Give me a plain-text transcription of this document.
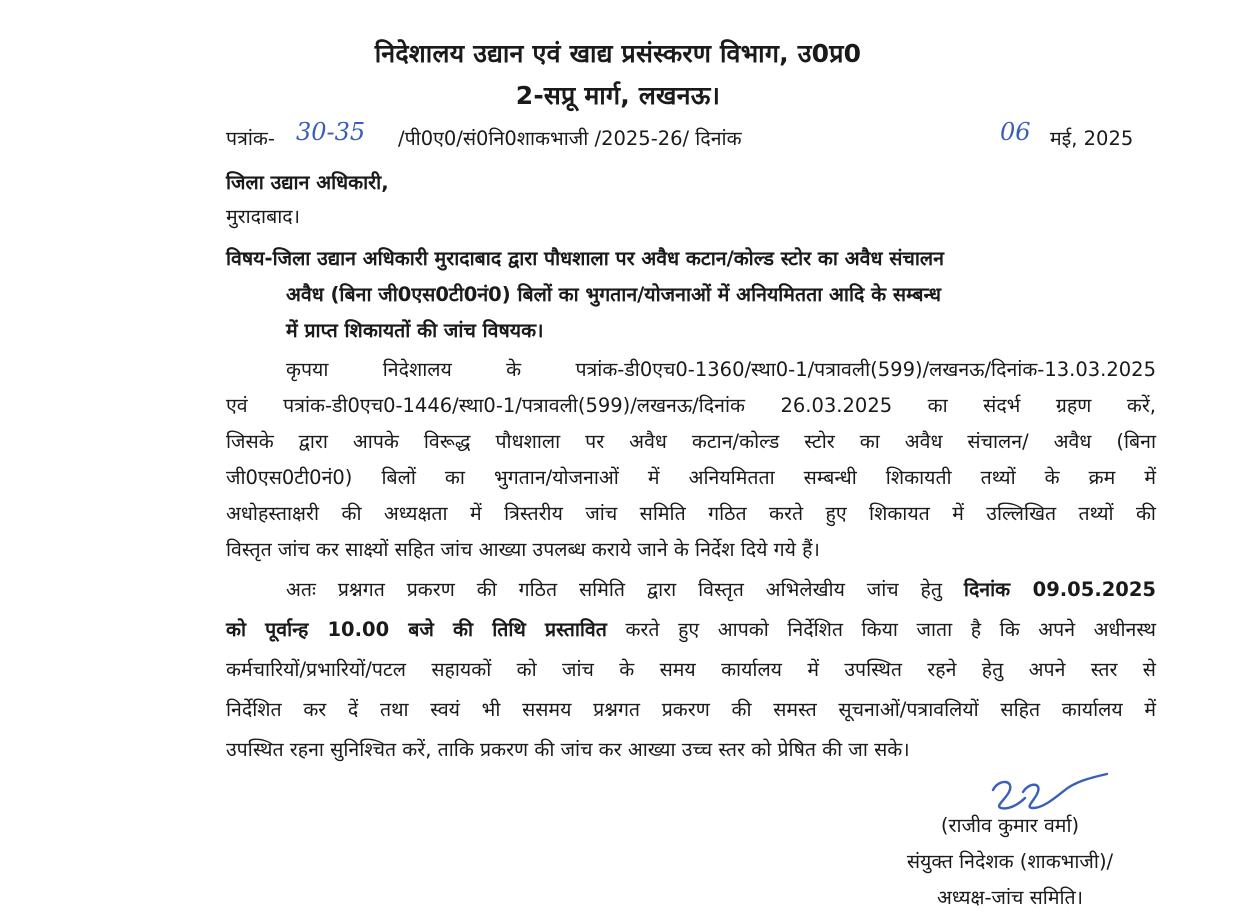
निदेशालय उद्यान एवं खाद्य प्रसंस्करण विभाग, उ0प्र0
2-सप्रू मार्ग, लखनऊ।
पत्रांक- 30-35 /पी0ए0/सं0नि0शाकभाजी /2025-26/ दिनांक	06 मई, 2025
जिला उद्यान अधिकारी,
मुरादाबाद।
विषय-जिला उद्यान अधिकारी मुरादाबाद द्वारा पौधशाला पर अवैध कटान/कोल्ड स्टोर का अवैध संचालन
अवैध (बिना जी0एस0टी0नं0) बिलों का भुगतान/योजनाओं में अनियमितता आदि के सम्बन्ध
में प्राप्त शिकायतों की जांच विषयक।
कृपया निदेशालय के पत्रांक-डी0एच0-1360/स्था0-1/पत्रावली(599)/लखनऊ/दिनांक-13.03.2025
एवं पत्रांक-डी0एच0-1446/स्था0-1/पत्रावली(599)/लखनऊ/दिनांक 26.03.2025 का संदर्भ ग्रहण करें,
जिसके द्वारा आपके विरूद्ध पौधशाला पर अवैध कटान/कोल्ड स्टोर का अवैध संचालन/ अवैध (बिना
जी0एस0टी0नं0) बिलों का भुगतान/योजनाओं में अनियमितता सम्बन्धी शिकायती तथ्यों के क्रम में
अधोहस्ताक्षरी की अध्यक्षता में त्रिस्तरीय जांच समिति गठित करते हुए शिकायत में उल्लिखित तथ्यों की
विस्तृत जांच कर साक्ष्यों सहित जांच आख्या उपलब्ध कराये जाने के निर्देश दिये गये हैं।
अतः प्रश्नगत प्रकरण की गठित समिति द्वारा विस्तृत अभिलेखीय जांच हेतु दिनांक 09.05.2025
को पूर्वान्ह 10.00 बजे की तिथि प्रस्तावित करते हुए आपको निर्देशित किया जाता है कि अपने अधीनस्थ
कर्मचारियों/प्रभारियों/पटल सहायकों को जांच के समय कार्यालय में उपस्थित रहने हेतु अपने स्तर से
निर्देशित कर दें तथा स्वयं भी ससमय प्रश्नगत प्रकरण की समस्त सूचनाओं/पत्रावलियों सहित कार्यालय में
उपस्थित रहना सुनिश्चित करें, ताकि प्रकरण की जांच कर आख्या उच्च स्तर को प्रेषित की जा सके।
(राजीव कुमार वर्मा)
संयुक्त निदेशक (शाकभाजी)/
अध्यक्ष-जांच समिति।
